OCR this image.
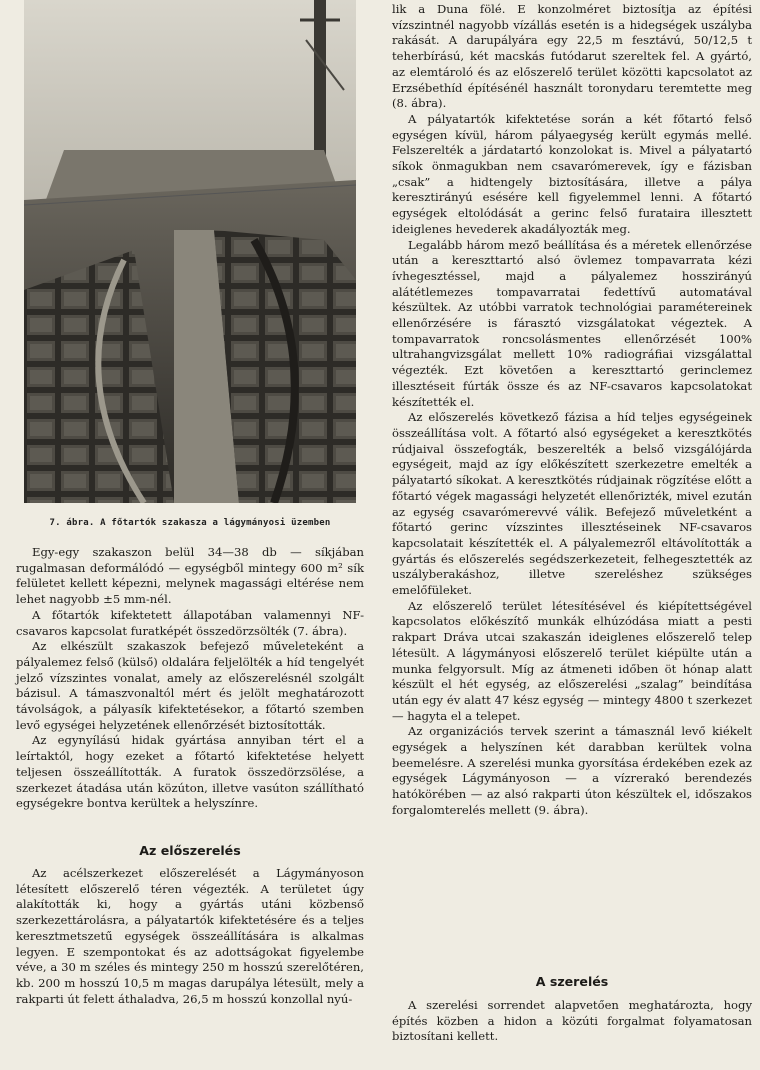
7. ábra. A főtartók szakasza a lágymányosi üzemben

Egy-egy szakaszon belül 34—38 db — síkjában rugalmasan deformálódó — egységből mintegy 600 m² sík felületet kellett képezni, melynek magassági eltérése nem lehet nagyobb ±5 mm-nél.

A főtartók kifektetett állapotában valamennyi NF-csavaros kapcsolat furatképét összedörzsölték (7. ábra).

Az elkészült szakaszok befejező műveleteként a pályalemez felső (külső) oldalára feljelölték a híd tengelyét jelző vízszintes vonalat, amely az előszerelésnél szolgált bázisul. A támaszvonaltól mért és jelölt meghatározott távolságok, a pályasík kifektetésekor, a főtartó szemben levő egységei helyzetének ellenőrzését biztosították.

Az egynyílású hidak gyártása annyiban tért el a leírtaktól, hogy ezeket a főtartó kifektetése helyett teljesen összeállították. A furatok összedörzsölése, a szerkezet átadása után közúton, illetve vasúton szállítható egységekre bontva kerültek a helyszínre.

Az előszerelés

Az acélszerkezet előszerelését a Lágymányoson létesített előszerelő téren végezték. A területet úgy alakították ki, hogy a gyártás utáni közbenső szerkezettárolásra, a pályatartók kifektetésére és a teljes keresztmetszetű egységek összeállítására is alkalmas legyen. E szempontokat és az adottságokat figyelembe véve, a 30 m széles és mintegy 250 m hosszú szerelőtéren, kb. 200 m hosszú 10,5 m magas darupálya létesült, mely a rakparti út felett áthaladva, 26,5 m hosszú konzollal nyú-

lik a Duna fölé. E konzolméret biztosítja az építési vízszintnél nagyobb vízállás esetén is a hidegségek uszályba rakását. A darupályára egy 22,5 m fesztávú, 50/12,5 t teherbírású, két macskás futódarut szereltek fel. A gyártó, az elemtároló és az előszerelő terület közötti kapcsolatot az Erzsébethíd építésénél használt toronydaru teremtette meg (8. ábra).

A pályatartók kifektetése során a két főtartó felső egységen kívül, három pályaegység került egymás mellé. Felszerelték a járdatartó konzolokat is. Mivel a pályatartó síkok önmagukban nem csavarómerevek, így e fázisban „csak” a hidtengely biztosítására, illetve a pálya keresztirányú esésére kell figyelemmel lenni. A főtartó egységek eltolódását a gerinc felső furataira illesztett ideiglenes hevederek akadályozták meg.

Legalább három mező beállítása és a méretek ellenőrzése után a kereszttartó alsó övlemez tompavarrata kézi ívhegesztéssel, majd a pályalemez hosszirányú alátétlemezes tompavarratai fedettívű automatával készültek. Az utóbbi varratok technológiai paramétereinek ellenőrzésére is fárasztó vizsgálatokat végeztek. A tompavarratok roncsolásmentes ellenőrzését 100% ultrahangvizsgálat mellett 10% radiográfiai vizsgálattal végezték. Ezt követően a kereszttartó gerinclemez illesztéseit fúrták össze és az NF-csavaros kapcsolatokat készítették el.

Az előszerelés következő fázisa a híd teljes egységeinek összeállítása volt. A főtartó alsó egységeket a keresztkötés rúdjaival összefogták, beszerelték a belső vizsgálójárda egységeit, majd az így előkészített szerkezetre emelték a pályatartó síkokat. A keresztkötés rúdjainak rögzítése előtt a főtartó végek magassági helyzetét ellenőrizték, mivel ezután az egység csavarómerevvé válik. Befejező műveletként a főtartó gerinc vízszintes illesztéseinek NF-csavaros kapcsolatait készítették el. A pályalemezről eltávolították a gyártás és előszerelés segédszerkezeteit, felhegesztették az uszályberakáshoz, illetve szereléshez szükséges emelőfüleket.

Az előszerelő terület létesítésével és kiépítettségével kapcsolatos előkészítő munkák elhúzódása miatt a pesti rakpart Dráva utcai szakaszán ideiglenes előszerelő telep létesült. A lágymányosi előszerelő terület kiépülte után a munka felgyorsult. Míg az átmeneti időben öt hónap alatt készült el hét egység, az előszerelési „szalag” beindítása után egy év alatt 47 kész egység — mintegy 4800 t szerkezet — hagyta el a telepet.

Az organizációs tervek szerint a támasznál levő kiékelt egységek a helyszínen két darabban kerültek volna beemelésre. A szerelési munka gyorsítása érdekében ezek az egységek Lágymányoson — a vízrerakó berendezés hatókörében — az alsó rakparti úton készültek el, időszakos forgalomterelés mellett (9. ábra).

A szerelés

A szerelési sorrendet alapvetően meghatározta, hogy építés közben a hidon a közúti forgalmat folyamatosan biztosítani kellett.
